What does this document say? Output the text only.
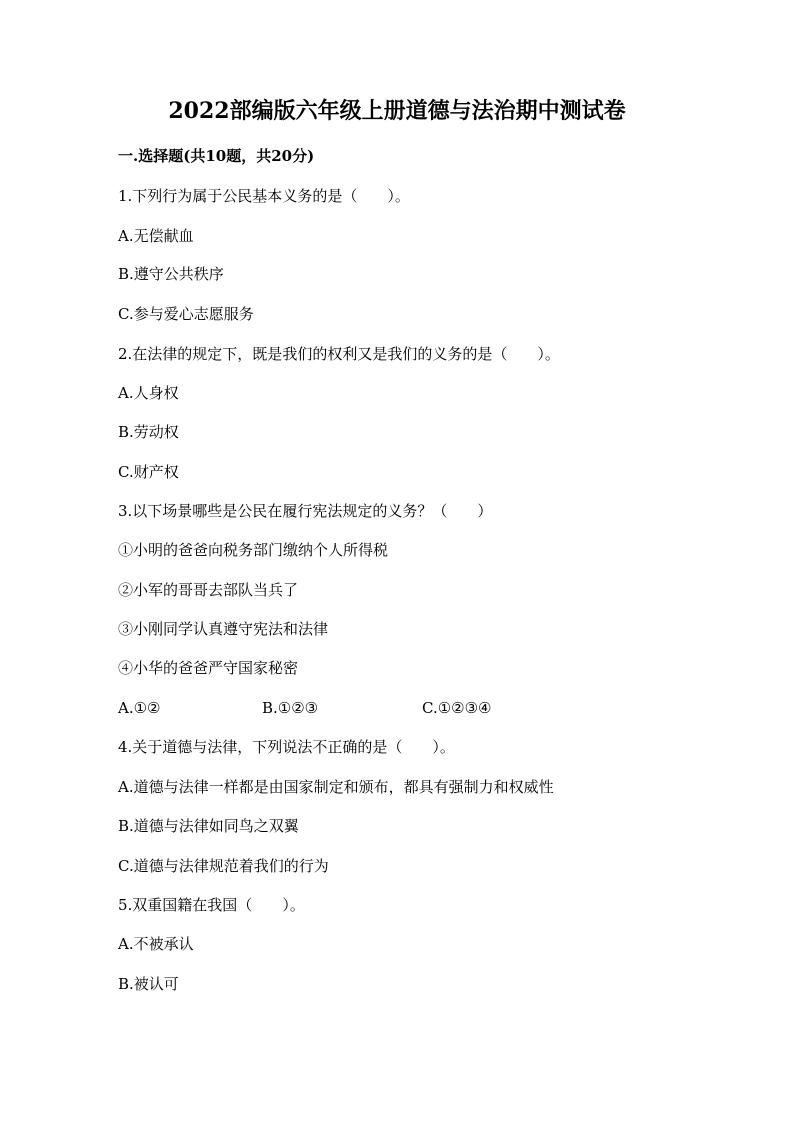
2022部编版六年级上册道德与法治期中测试卷
一.选择题(共10题，共20分)
1.下列行为属于公民基本义务的是（　　）。
A.无偿献血
B.遵守公共秩序
C.参与爱心志愿服务
2.在法律的规定下，既是我们的权利又是我们的义务的是（　　）。
A.人身权
B.劳动权
C.财产权
3.以下场景哪些是公民在履行宪法规定的义务？（　　）
①小明的爸爸向税务部门缴纳个人所得税
②小军的哥哥去部队当兵了
③小刚同学认真遵守宪法和法律
④小华的爸爸严守国家秘密
A.①②	B.①②③	C.①②③④
4.关于道德与法律，下列说法不正确的是（　　）。
A.道德与法律一样都是由国家制定和颁布，都具有强制力和权威性
B.道德与法律如同鸟之双翼
C.道德与法律规范着我们的行为
5.双重国籍在我国（　　）。
A.不被承认
B.被认可
